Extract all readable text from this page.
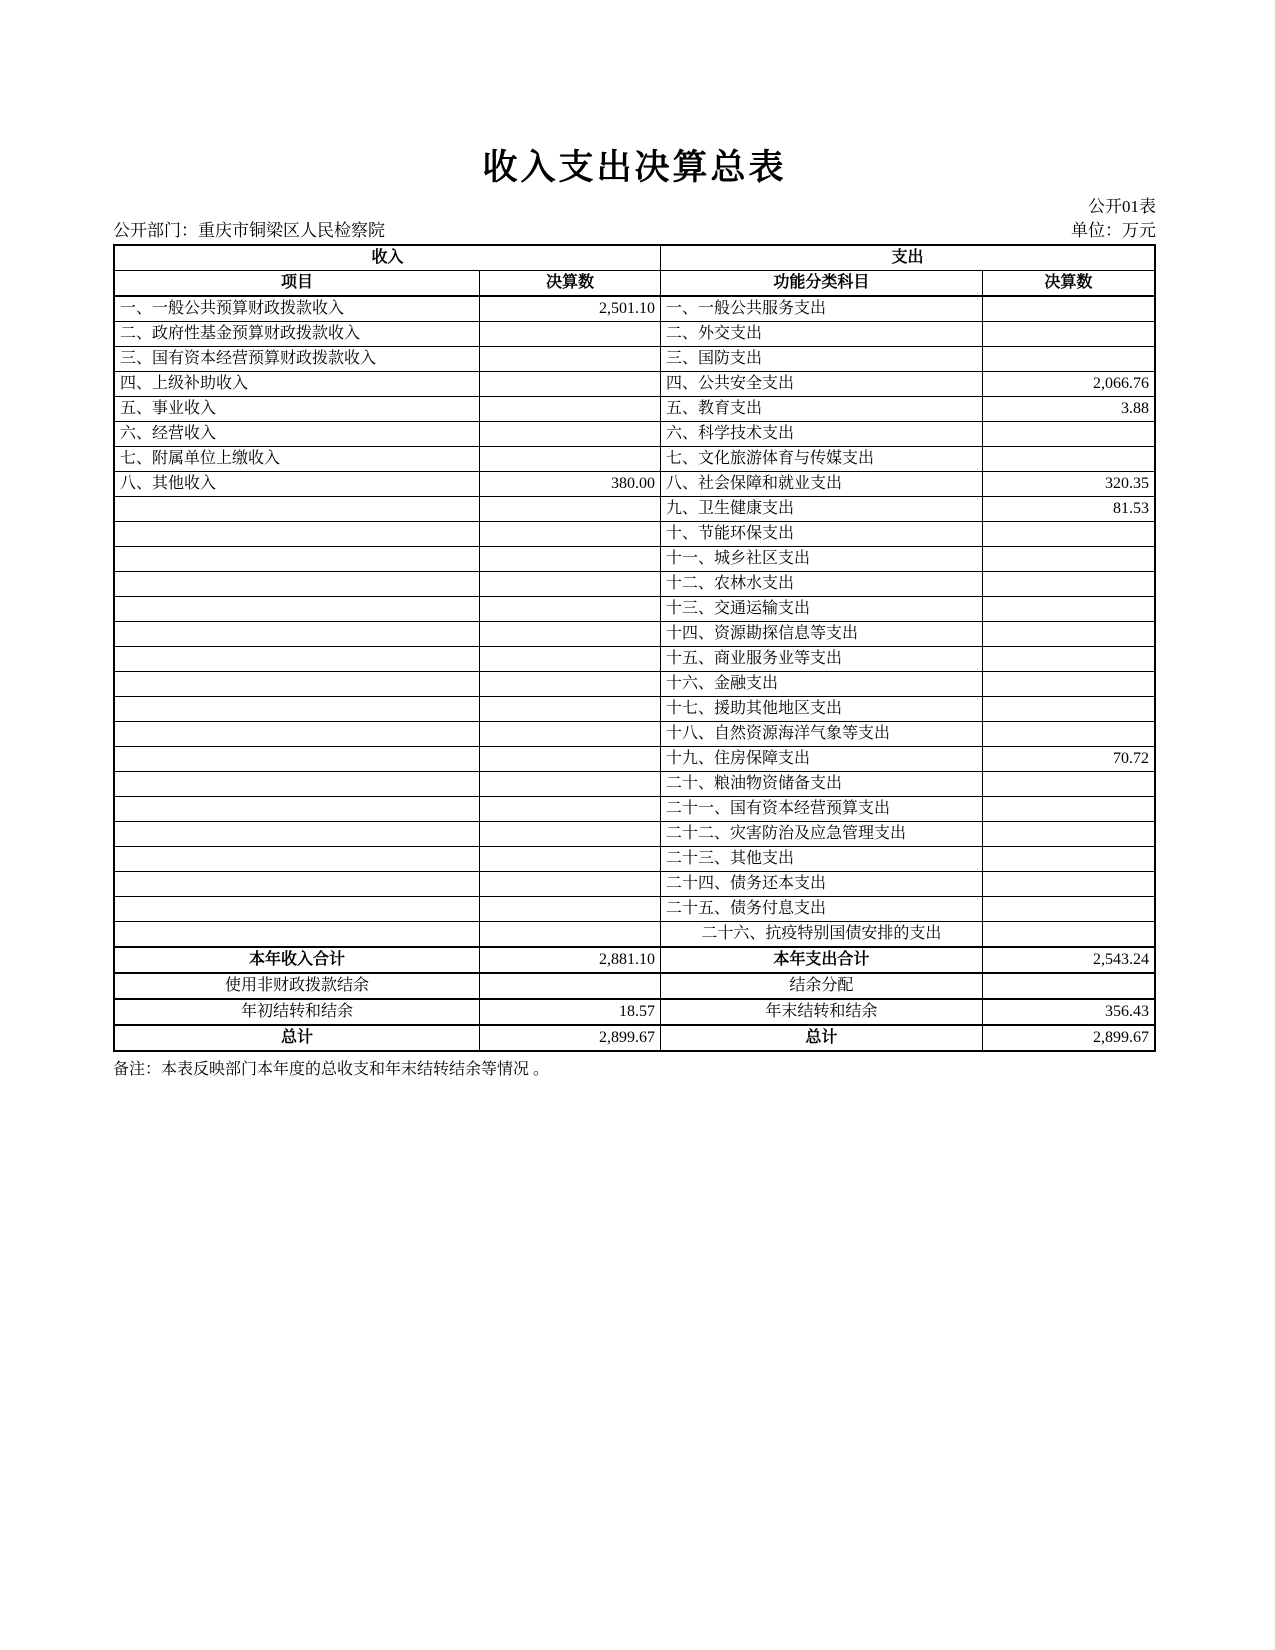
收入支出决算总表
公开01表
公开部门：重庆市铜梁区人民检察院	单位：万元
收入		支出	
项目	决算数	功能分类科目	决算数
一、一般公共预算财政拨款收入	2,501.10	一、一般公共服务支出	
二、政府性基金预算财政拨款收入		二、外交支出	
三、国有资本经营预算财政拨款收入		三、国防支出	
四、上级补助收入		四、公共安全支出	2,066.76
五、事业收入		五、教育支出	3.88
六、经营收入		六、科学技术支出	
七、附属单位上缴收入		七、文化旅游体育与传媒支出	
八、其他收入	380.00	八、社会保障和就业支出	320.35
		九、卫生健康支出	81.53
		十、节能环保支出	
		十一、城乡社区支出	
		十二、农林水支出	
		十三、交通运输支出	
		十四、资源勘探信息等支出	
		十五、商业服务业等支出	
		十六、金融支出	
		十七、援助其他地区支出	
		十八、自然资源海洋气象等支出	
		十九、住房保障支出	70.72
		二十、粮油物资储备支出	
		二十一、国有资本经营预算支出	
		二十二、灾害防治及应急管理支出	
		二十三、其他支出	
		二十四、债务还本支出	
		二十五、债务付息支出	
		二十六、抗疫特别国债安排的支出	
本年收入合计	2,881.10	本年支出合计	2,543.24
使用非财政拨款结余		结余分配	
年初结转和结余	18.57	年末结转和结余	356.43
总计	2,899.67	总计	2,899.67
备注：本表反映部门本年度的总收支和年末结转结余等情况 。
